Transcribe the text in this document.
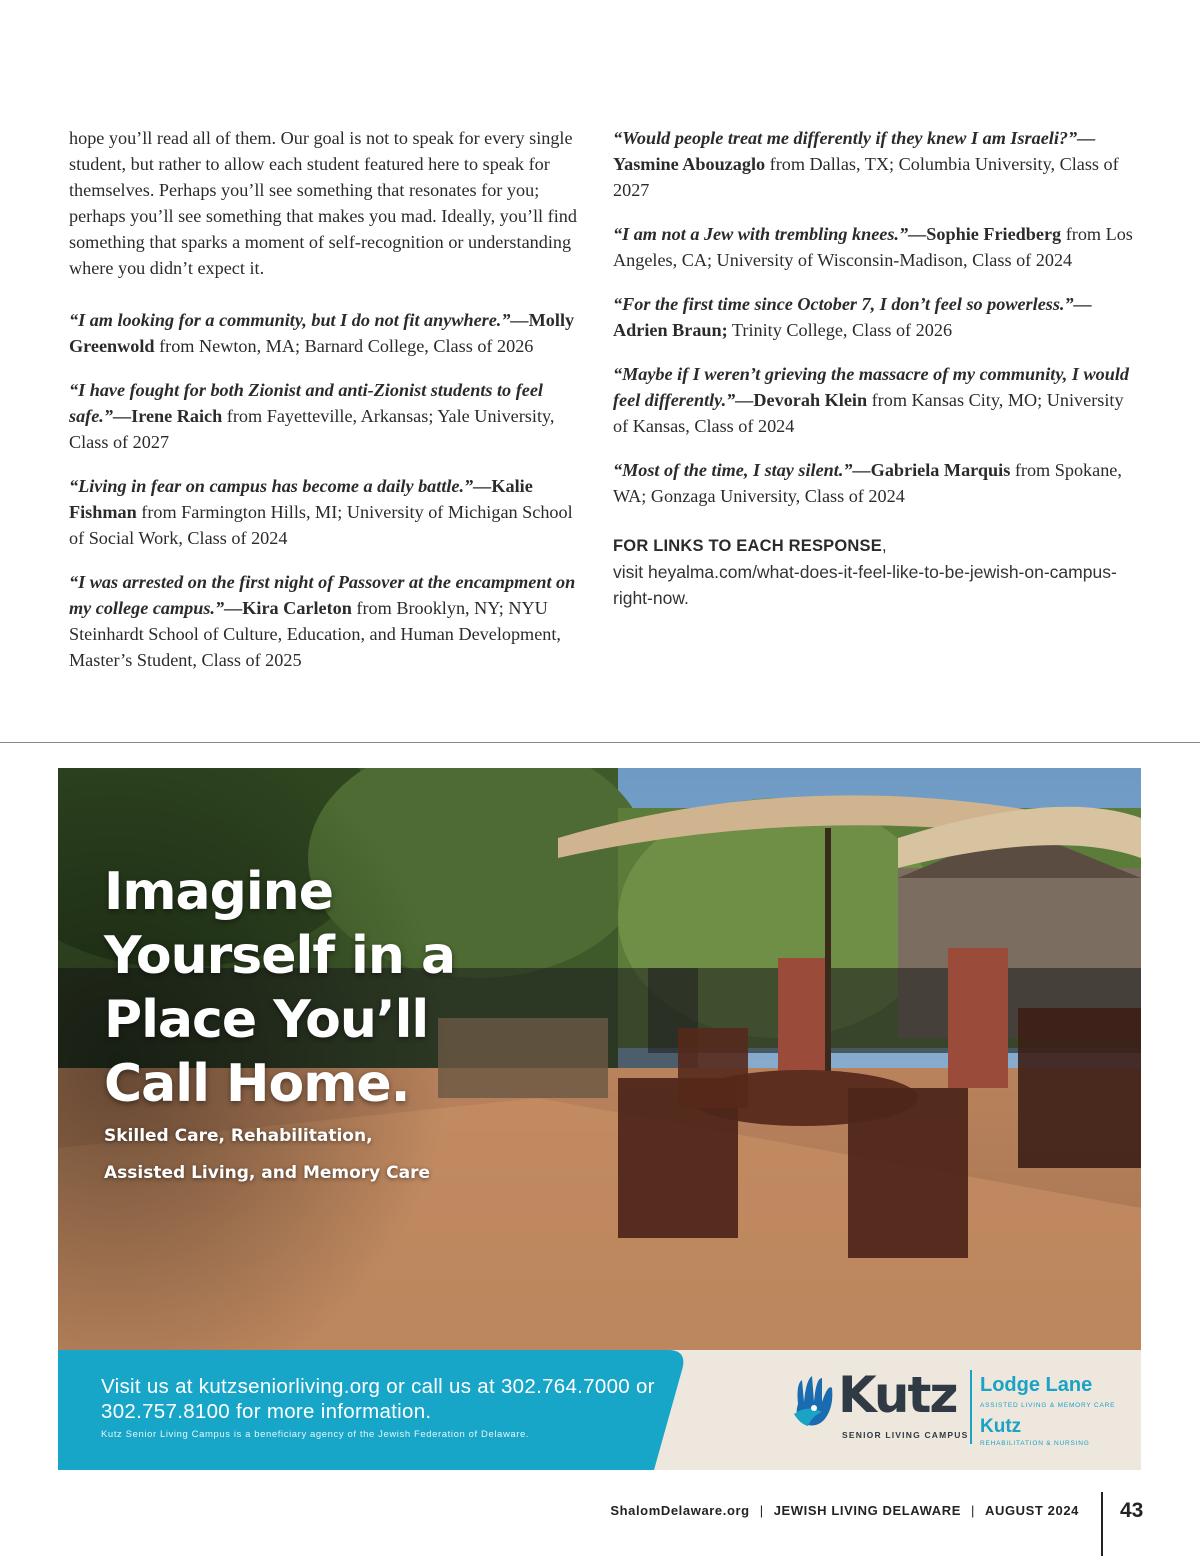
hope you’ll read all of them. Our goal is not to speak for every single student, but rather to allow each student featured here to speak for themselves. Perhaps you’ll see something that resonates for you; perhaps you’ll see something that makes you mad. Ideally, you’ll find something that sparks a moment of self-recognition or understanding where you didn’t expect it.

“I am looking for a community, but I do not fit anywhere.”—Molly Greenwold from Newton, MA; Barnard College, Class of 2026

“I have fought for both Zionist and anti-Zionist students to feel safe.”—Irene Raich from Fayetteville, Arkansas; Yale University, Class of 2027

“Living in fear on campus has become a daily battle.”—Kalie Fishman from Farmington Hills, MI; University of Michigan School of Social Work, Class of 2024

“I was arrested on the first night of Passover at the encampment on my college campus.”—Kira Carleton from Brooklyn, NY; NYU Steinhardt School of Culture, Education, and Human Development, Master’s Student, Class of 2025

“Would people treat me differently if they knew I am Israeli?”—Yasmine Abouzaglo from Dallas, TX; Columbia University, Class of 2027

“I am not a Jew with trembling knees.”—Sophie Friedberg from Los Angeles, CA; University of Wisconsin-Madison, Class of 2024

“For the first time since October 7, I don’t feel so powerless.”—Adrien Braun; Trinity College, Class of 2026

“Maybe if I weren’t grieving the massacre of my community, I would feel differently.”—Devorah Klein from Kansas City, MO; University of Kansas, Class of 2024

“Most of the time, I stay silent.”—Gabriela Marquis from Spokane, WA; Gonzaga University, Class of 2024

FOR LINKS TO EACH RESPONSE,
visit heyalma.com/what-does-it-feel-like-to-be-jewish-on-campus-right-now.
Imagine Yourself in a Place You’ll Call Home.
Skilled Care, Rehabilitation,
Assisted Living, and Memory Care
Visit us at kutzseniorliving.org or call us at 302.764.7000 or 302.757.8100 for more information.
Kutz Senior Living Campus is a beneficiary agency of the Jewish Federation of Delaware.
Kutz
SENIOR LIVING CAMPUS
Lodge Lane
ASSISTED LIVING & MEMORY CARE
Kutz
REHABILITATION & NURSING
ShalomDelaware.org | JEWISH LIVING DELAWARE | AUGUST 2024 43
